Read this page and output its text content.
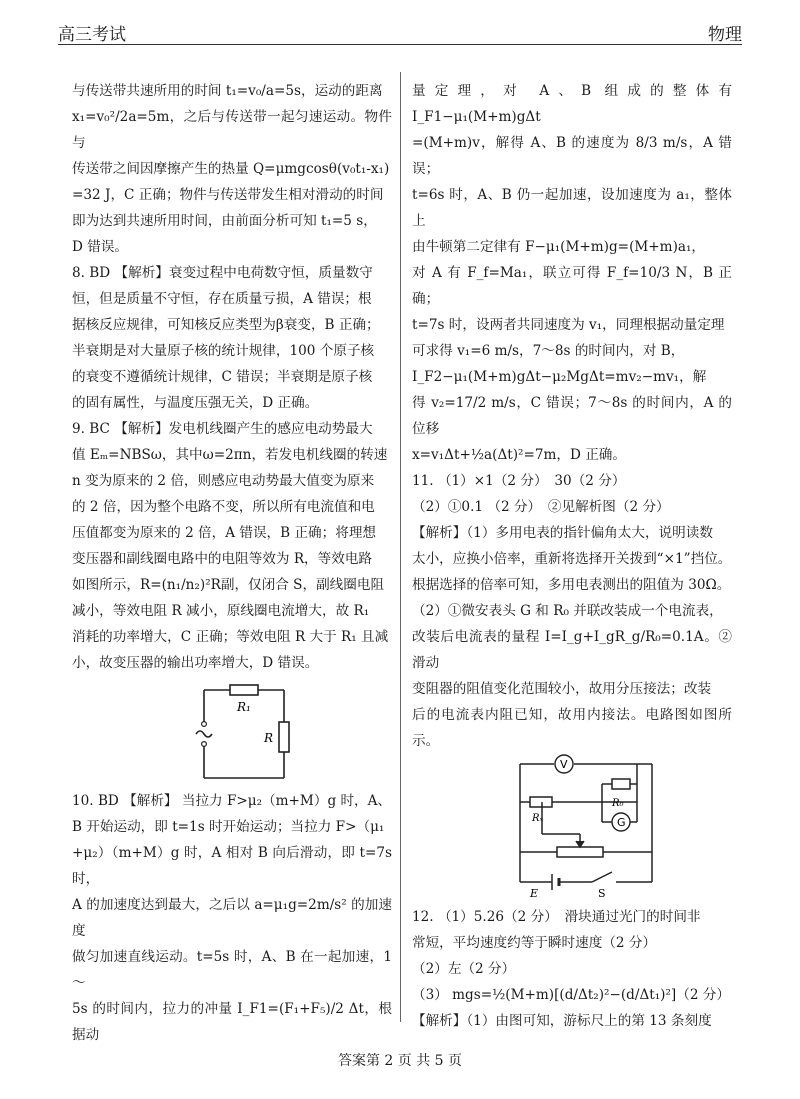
高三考试	物理

与传送带共速所用的时间 t₁=v₀/a=5s，运动的距离

x₁=v₀²/2a=5m，之后与传送带一起匀速运动。物件与

传送带之间因摩擦产生的热量 Q=μmgcosθ(v₀t₁-x₁)

=32 J，C 正确；物件与传送带发生相对滑动的时间

即为达到共速所用时间，由前面分析可知 t₁=5 s，

D 错误。

8. BD 【解析】衰变过程中电荷数守恒，质量数守

恒，但是质量不守恒，存在质量亏损，A 错误；根

据核反应规律，可知核反应类型为β衰变，B 正确；

半衰期是对大量原子核的统计规律，100 个原子核

的衰变不遵循统计规律，C 错误；半衰期是原子核

的固有属性，与温度压强无关，D 正确。

9. BC 【解析】发电机线圈产生的感应电动势最大

值 Eₘ=NBSω，其中ω=2πn，若发电机线圈的转速

n 变为原来的 2 倍，则感应电动势最大值变为原来

的 2 倍，因为整个电路不变，所以所有电流值和电

压值都变为原来的 2 倍，A 错误，B 正确；将理想

变压器和副线圈电路中的电阻等效为 R，等效电路

如图所示，R=(n₁/n₂)²R副，仅闭合 S，副线圈电阻

减小，等效电阻 R 减小，原线圈电流增大，故 R₁

消耗的功率增大，C 正确；等效电阻 R 大于 R₁ 且减

小，故变压器的输出功率增大，D 错误。

R₁
R

10. BD 【解析】 当拉力 F>μ₂（m+M）g 时，A、

B 开始运动，即 t=1s 时开始运动；当拉力 F>（μ₁

+μ₂）（m+M）g 时，A 相对 B 向后滑动，即 t=7s 时，

A 的加速度达到最大，之后以 a=μ₁g=2m/s² 的加速度

做匀加速直线运动。t=5s 时，A、B 在一起加速，1～

5s 的时间内，拉力的冲量 I_F1=(F₁+F₅)/2 Δt，根据动

量定理，对 A、B 组成的整体有 I_F1−μ₁(M+m)gΔt

=(M+m)v，解得 A、B 的速度为 8/3 m/s，A 错误；

t=6s 时，A、B 仍一起加速，设加速度为 a₁，整体上

由牛顿第二定律有 F−μ₁(M+m)g=(M+m)a₁，

对 A 有 F_f=Ma₁，联立可得 F_f=10/3 N，B 正确；

t=7s 时，设两者共同速度为 v₁，同理根据动量定理

可求得 v₁=6 m/s，7～8s 的时间内，对 B，

I_F2−μ₁(M+m)gΔt−μ₂MgΔt=mv₂−mv₁，解

得 v₂=17/2 m/s，C 错误；7～8s 的时间内，A 的位移

x=v₁Δt+½a(Δt)²=7m，D 正确。

11. （1）×1（2 分）　30（2 分）

（2）①0.1 （2 分）　②见解析图（2 分）

【解析】（1）多用电表的指针偏角太大，说明读数

太小，应换小倍率，重新将选择开关拨到“×1”挡位。

根据选择的倍率可知，多用电表测出的阻值为 30Ω。

（2）①微安表头 G 和 R₀ 并联改装成一个电流表，

改装后电流表的量程 I=I_g+I_gR_g/R₀=0.1A。②滑动

变阻器的阻值变化范围较小，故用分压接法；改装

后的电流表内阻已知，故用内接法。电路图如图所示。

V
G
R₀
Rₓ
E	S

12. （1）5.26（2 分）　滑块通过光门的时间非

常短，平均速度约等于瞬时速度（2 分）

（2）左（2 分）

（3） mgs=½(M+m)[(d/Δt₂)²−(d/Δt₁)²]（2 分）

【解析】（1）由图可知，游标尺上的第 13 条刻度

答案第 2 页 共 5 页
